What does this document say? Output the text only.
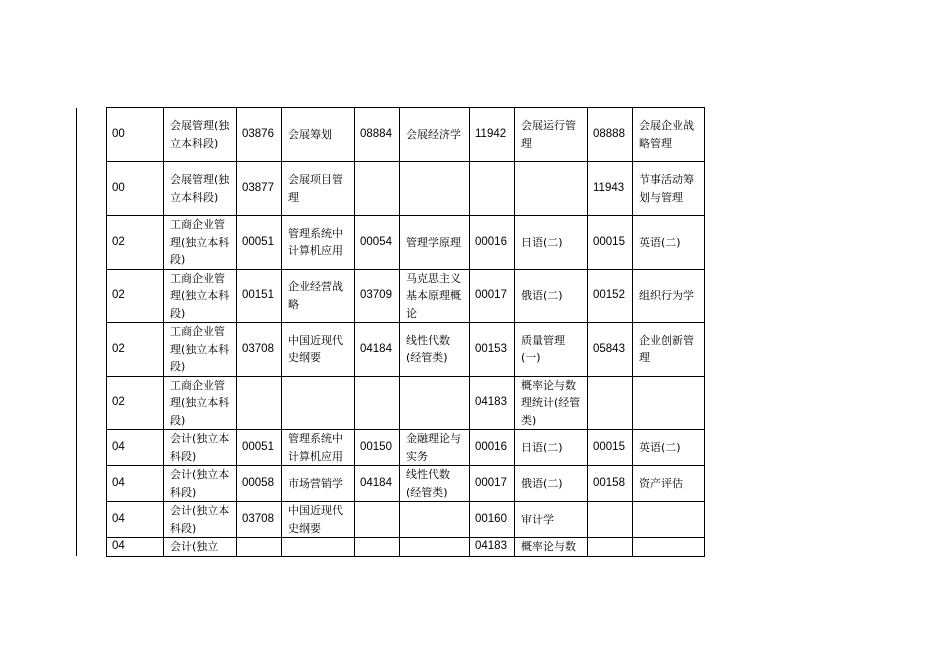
	00	会展管理(独立本科段)	03876	会展筹划	08884	会展经济学	11942	会展运行管理	08888	会展企业战略管理
	00	会展管理(独立本科段)	03877	会展项目管理					11943	节事活动筹划与管理
	02	工商企业管理(独立本科段)	00051	管理系统中计算机应用	00054	管理学原理	00016	日语(二)	00015	英语(二)
	02	工商企业管理(独立本科段)	00151	企业经营战略	03709	马克思主义基本原理概论	00017	俄语(二)	00152	组织行为学
	02	工商企业管理(独立本科段)	03708	中国近现代史纲要	04184	线性代数(经管类)	00153	质量管理(一)	05843	企业创新管理
	02	工商企业管理(独立本科段)					04183	概率论与数理统计(经管类)		
	04	会计(独立本科段)	00051	管理系统中计算机应用	00150	金融理论与实务	00016	日语(二)	00015	英语(二)
	04	会计(独立本科段)	00058	市场营销学	04184	线性代数(经管类)	00017	俄语(二)	00158	资产评估
	04	会计(独立本科段)	03708	中国近现代史纲要			00160	审计学		
	04	会计(独立					04183	概率论与数		
